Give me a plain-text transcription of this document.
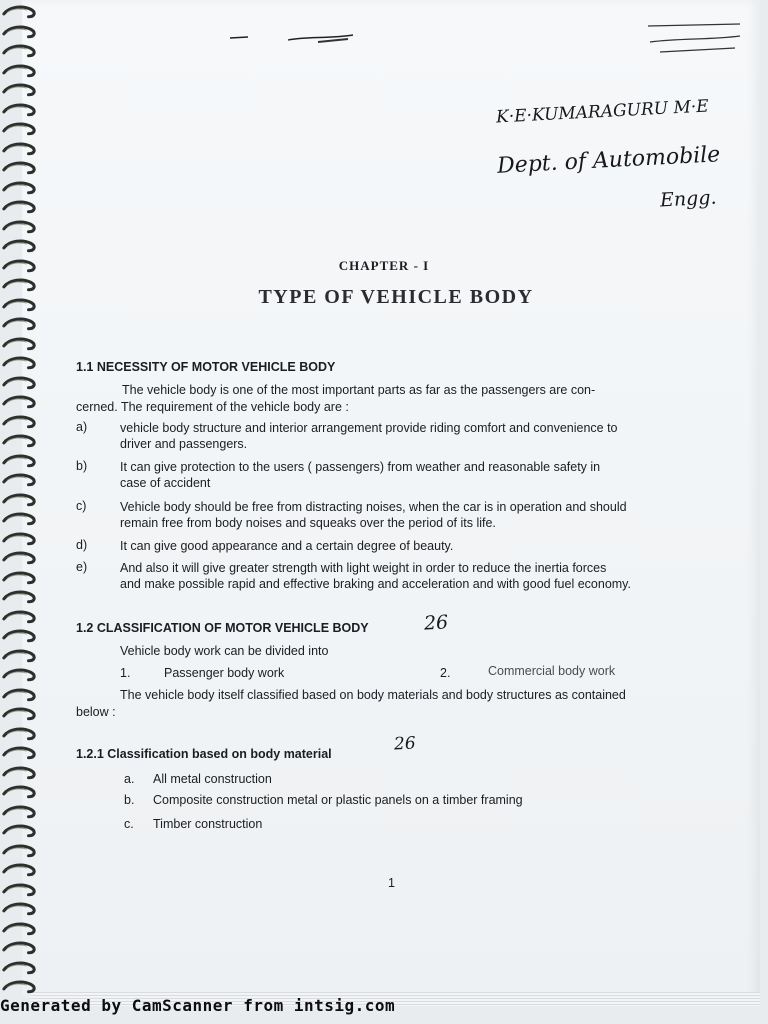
K·E·KUMARAGURU M·E
Dept. of Automobile
Engg.
CHAPTER - I
TYPE OF VEHICLE BODY
1.1 NECESSITY OF MOTOR VEHICLE BODY
The vehicle body is one of the most important parts as far as the passengers are con-
cerned. The requirement of the vehicle body are :
a)	vehicle body structure and interior arrangement provide riding comfort and convenience to
driver and passengers.
b)	It can give protection to the users ( passengers) from weather and reasonable safety in
case of accident
c)	Vehicle body should be free from distracting noises, when the car is in operation and should
remain free from body noises and squeaks over the period of its life.
d)	It can give good appearance and a certain degree of beauty.
e)	And also it will give greater strength with light weight in order to reduce the inertia forces
and make possible rapid and effective braking and acceleration and with good fuel economy.
1.2 CLASSIFICATION OF MOTOR VEHICLE BODY	26
Vehicle body work can be divided into
1.	Passenger body work	2.	Commercial body work
The vehicle body itself classified based on body materials and body structures as contained
below :
1.2.1 Classification based on body material	26
a. All metal construction
b. Composite construction metal or plastic panels on a timber framing
c. Timber construction
1
Generated by CamScanner from intsig.com
